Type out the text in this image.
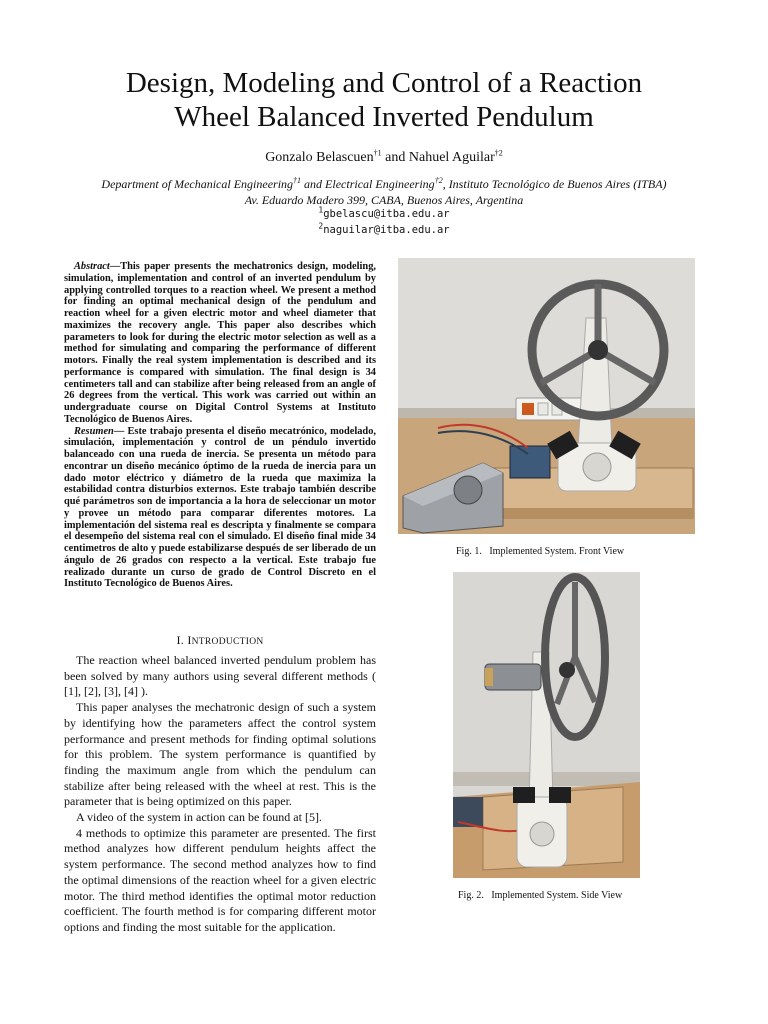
Design, Modeling and Control of a Reaction
Wheel Balanced Inverted Pendulum
Gonzalo Belascuen$^{\dagger 1}$ and Nahuel Aguilar$^{\dagger 2}$
Department of Mechanical Engineering$^{\dagger 1}$ and Electrical Engineering$^{\dagger 2}$, Instituto Tecnológico de Buenos Aires (ITBA)
Av. Eduardo Madero 399, CABA, Buenos Aires, Argentina
$^1$gbelascu@itba.edu.ar
$^2$naguilar@itba.edu.ar

Abstract—This paper presents the mechatronics design, modeling, simulation, implementation and control of an inverted pendulum by applying controlled torques to a reaction wheel. We present a method for finding an optimal mechanical design of the pendulum and reaction wheel for a given electric motor and wheel diameter that maximizes the recovery angle. This paper also describes which parameters to look for during the electric motor selection as well as a method for simulating and comparing the performance of different motors. Finally the real system implementation is described and its performance is compared with simulation. The final design is 34 centimeters tall and can stabilize after being released from an angle of 26 degrees from the vertical. This work was carried out within an undergraduate course on Digital Control Systems at Instituto Tecnológico de Buenos Aires.

Resumen— Este trabajo presenta el diseño mecatrónico, modelado, simulación, implementación y control de un péndulo invertido balanceado con una rueda de inercia. Se presenta un método para encontrar un diseño mecánico óptimo de la rueda de inercia para un dado motor eléctrico y diámetro de la rueda que maximiza la estabilidad contra disturbios externos. Este trabajo también describe qué parámetros son de importancia a la hora de seleccionar un motor y provee un método para comparar diferentes motores. La implementación del sistema real es descripta y finalmente se compara el desempeño del sistema real con el simulado. El diseño final mide 34 centimetros de alto y puede estabilizarse después de ser liberado de un ángulo de 26 grados con respecto a la vertical. Este trabajo fue realizado durante un curso de grado de Control Discreto en el Instituto Tecnológico de Buenos Aires.

I. INTRODUCTION

The reaction wheel balanced inverted pendulum problem has been solved by many authors using several different methods ( [1], [2], [3], [4] ).

This paper analyses the mechatronic design of such a system by identifying how the parameters affect the control system performance and present methods for finding optimal solutions for this problem. The system performance is quantified by finding the maximum angle from which the pendulum can stabilize after being released with the wheel at rest. This is the parameter that is being optimized on this paper.

A video of the system in action can be found at [5].

4 methods to optimize this parameter are presented. The first method analyzes how different pendulum heights affect the system performance. The second method analyzes how to find the optimal dimensions of the reaction wheel for a given electric motor. The third method identifies the optimal motor reduction coefficient. The fourth method is for comparing different motor options and finding the most suitable for the application.

Fig. 1. Implemented System. Front View
Fig. 2. Implemented System. Side View
